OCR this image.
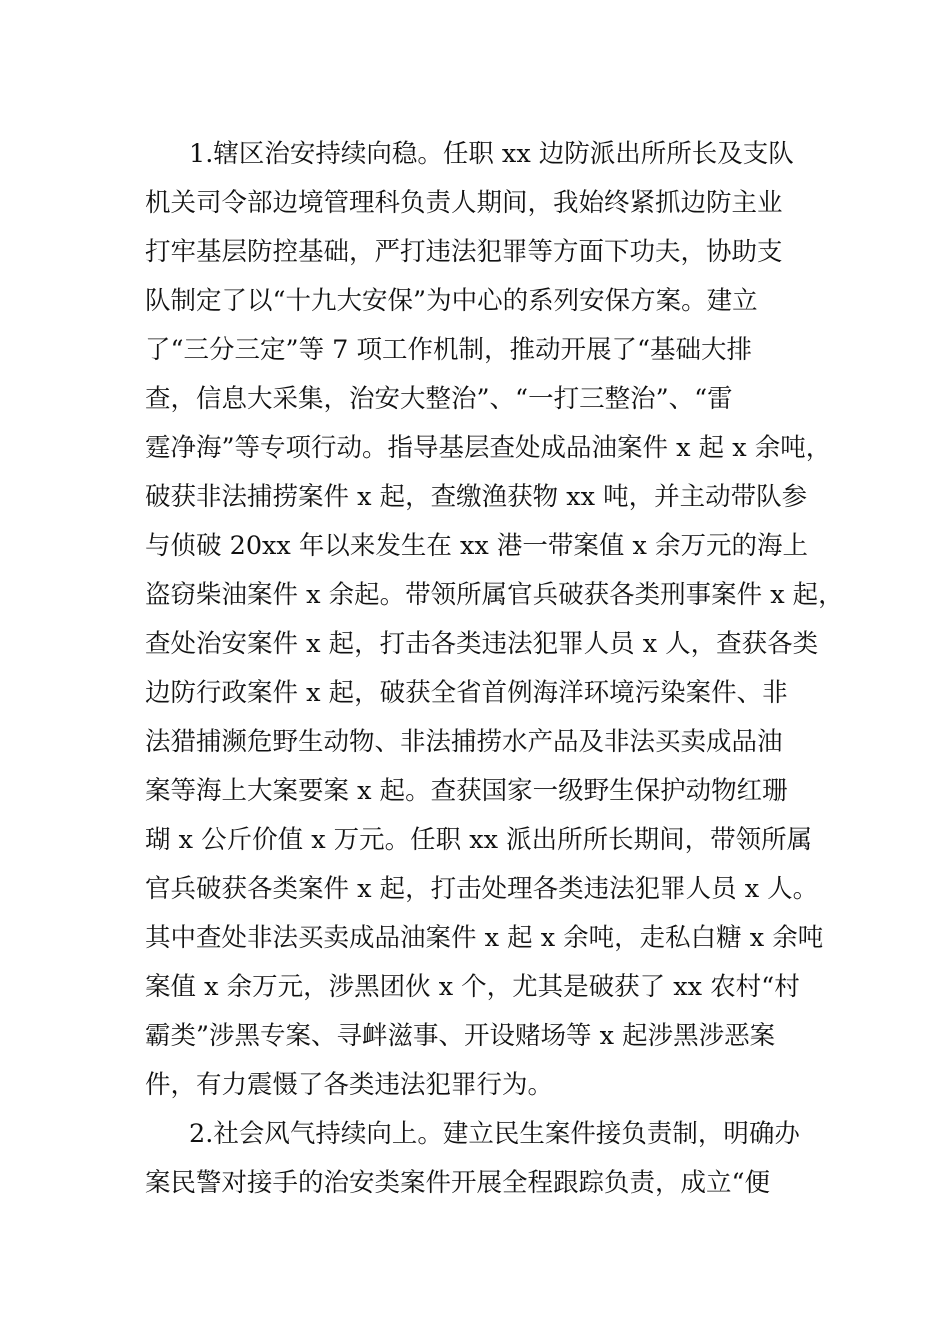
1.辖区治安持续向稳。任职 xx 边防派出所所长及支队
机关司令部边境管理科负责人期间，我始终紧抓边防主业
打牢基层防控基础，严打违法犯罪等方面下功夫，协助支
队制定了以“十九大安保”为中心的系列安保方案。建立
了“三分三定”等 7 项工作机制，推动开展了“基础大排
查，信息大采集，治安大整治”、“一打三整治”、“雷
霆净海”等专项行动。指导基层查处成品油案件 x 起 x 余吨，
破获非法捕捞案件 x 起，查缴渔获物 xx 吨，并主动带队参
与侦破 20xx 年以来发生在 xx 港一带案值 x 余万元的海上
盗窃柴油案件 x 余起。带领所属官兵破获各类刑事案件 x 起，
查处治安案件 x 起，打击各类违法犯罪人员 x 人，查获各类
边防行政案件 x 起，破获全省首例海洋环境污染案件、非
法猎捕濒危野生动物、非法捕捞水产品及非法买卖成品油
案等海上大案要案 x 起。查获国家一级野生保护动物红珊
瑚 x 公斤价值 x 万元。任职 xx 派出所所长期间，带领所属
官兵破获各类案件 x 起，打击处理各类违法犯罪人员 x 人。
其中查处非法买卖成品油案件 x 起 x 余吨，走私白糖 x 余吨
案值 x 余万元，涉黑团伙 x 个，尤其是破获了 xx 农村“村
霸类”涉黑专案、寻衅滋事、开设赌场等 x 起涉黑涉恶案
件，有力震慑了各类违法犯罪行为。
2.社会风气持续向上。建立民生案件接负责制，明确办
案民警对接手的治安类案件开展全程跟踪负责，成立“便
